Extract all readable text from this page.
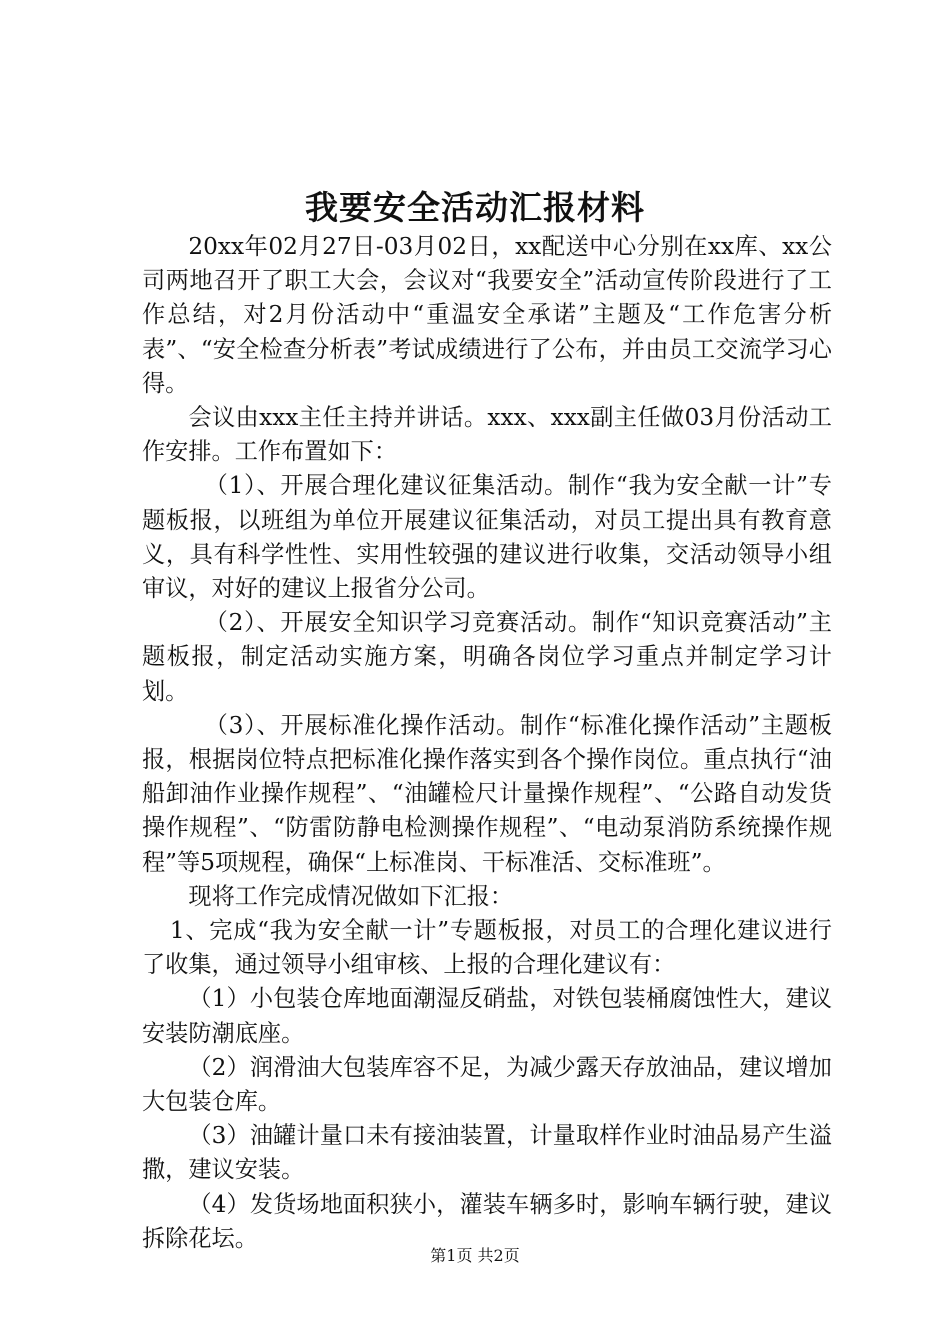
我要安全活动汇报材料

20xx年02月27日-03月02日，xx配送中心分别在xx库、xx公司两地召开了职工大会，会议对“我要安全”活动宣传阶段进行了工作总结，对2月份活动中“重温安全承诺”主题及“工作危害分析表”、“安全检查分析表”考试成绩进行了公布，并由员工交流学习心得。

会议由xxx主任主持并讲话。xxx、xxx副主任做03月份活动工作安排。工作布置如下：

（1）、开展合理化建议征集活动。制作“我为安全献一计”专题板报，以班组为单位开展建议征集活动，对员工提出具有教育意义，具有科学性性、实用性较强的建议进行收集，交活动领导小组审议，对好的建议上报省分公司。

（2）、开展安全知识学习竞赛活动。制作“知识竞赛活动”主题板报，制定活动实施方案，明确各岗位学习重点并制定学习计划。

（3）、开展标准化操作活动。制作“标准化操作活动”主题板报，根据岗位特点把标准化操作落实到各个操作岗位。重点执行“油船卸油作业操作规程”、“油罐检尺计量操作规程”、“公路自动发货操作规程”、“防雷防静电检测操作规程”、“电动泵消防系统操作规程”等5项规程，确保“上标准岗、干标准活、交标准班”。

现将工作完成情况做如下汇报：

1、完成“我为安全献一计”专题板报，对员工的合理化建议进行了收集，通过领导小组审核、上报的合理化建议有：

（1）小包装仓库地面潮湿反硝盐，对铁包装桶腐蚀性大，建议安装防潮底座。

（2）润滑油大包装库容不足，为减少露天存放油品，建议增加大包装仓库。

（3）油罐计量口未有接油装置，计量取样作业时油品易产生溢撒，建议安装。

（4）发货场地面积狭小，灌装车辆多时，影响车辆行驶，建议拆除花坛。

第1页 共2页
